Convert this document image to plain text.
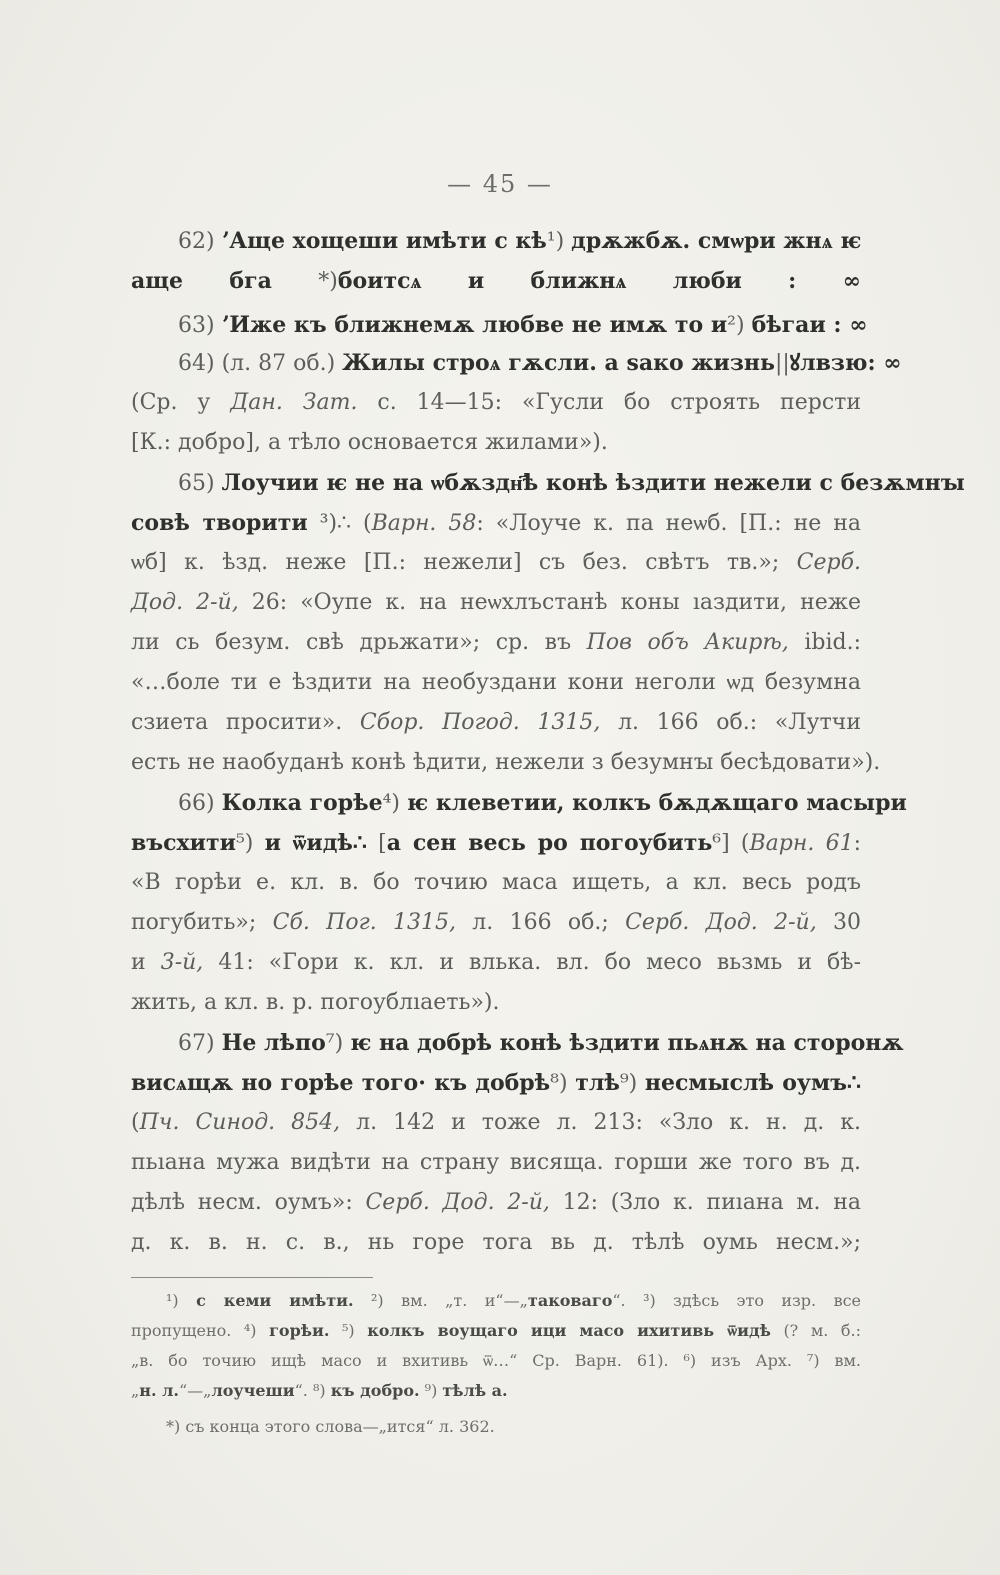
— 45 —
62) ʼАще хощеши имѣти с кѣ¹) дрѫжбѫ. смѡри жнѧ ѥ
аще бга *)боитсѧ и ближнѧ люби : ∞
63) ʼИже къ ближнемѫ любве не имѫ то и²) бѣгаи : ∞
64) (л. 87 об.) Жилы строѧ гѫсли. а ѕако жизнь||ꙋлвзю: ∞
(Ср. у Дан. Зат. с. 14—15: «Гусли бо строять персти
[К.: добро], а тѣло основается жилами»).
65) Лоучии ѥ не на ѡбѫздн҃ѣ конѣ ѣздити нежели с безѫмнꙑ
совѣ творити ³)∴ (Варн. 58: «Лоуче к. па неѡб. [П.: не на
ѡб] к. ѣзд. неже [П.: нежели] съ без. свѣтъ тв.»; Серб.
Дод. 2-й, 26: «Оупе к. на неѡхлъстанѣ коны ıаздити, неже
ли сь безум. свѣ дрьжати»; ср. въ Пов объ Акирѣ, ibid.:
«…боле ти е ѣздити на необуздани кони неголи ѡд безумна
сзиета просити». Сбор. Погод. 1315, л. 166 об.: «Лутчи
есть не наобуданѣ конѣ ѣдити, нежели з безумнꙑ бесѣдовати»).
66) Колка горѣе⁴) ѥ клеветии, колкъ бѫдѫщаго масыри
въсхити⁵) и ѿидѣ∴ [а сен весь ро погоубить⁶] (Варн. 61:
«В горѣи е. кл. в. бо точию маса ищеть, а кл. весь родъ
погубить»; Сб. Пог. 1315, л. 166 об.; Серб. Дод. 2-й, 30
и 3-й, 41: «Гори к. кл. и влька. вл. бо месо вьзмь и бѣ-
жить, а кл. в. р. погоублıаеть»).
67) Не лѣпо⁷) ѥ на добрѣ конѣ ѣздити пьѧнѫ на сторонѫ
висѧщѫ но горѣе того· къ добрѣ⁸) тлѣ⁹) несмыслѣ оумъ∴
(Пч. Синод. 854, л. 142 и тоже л. 213: «Зло к. н. д. к.
пьıана мужа видѣти на страну висяща. горши же того въ д.
дѣлѣ несм. оумъ»: Серб. Дод. 2-й, 12: (Зло к. пиıана м. на
д. к. в. н. с. в., нь горе тога вь д. тѣлѣ оумь несм.»;
¹) с кеми имѣти. ²) вм. „т. и“—„таковаго“. ³) здѣсь это изр. все
пропущено. ⁴) горѣи. ⁵) колкъ воущаго ици масо ихитивь ѿидѣ (? м. б.:
„в. бо точию ищѣ масо и вхитивь ѿ…“ Ср. Варн. 61). ⁶) изъ Арх. ⁷) вм.
„н. л.“—„лоучеши“. ⁸) къ добро. ⁹) тѣлѣ а.
*) съ конца этого слова—„ится“ л. 362.
